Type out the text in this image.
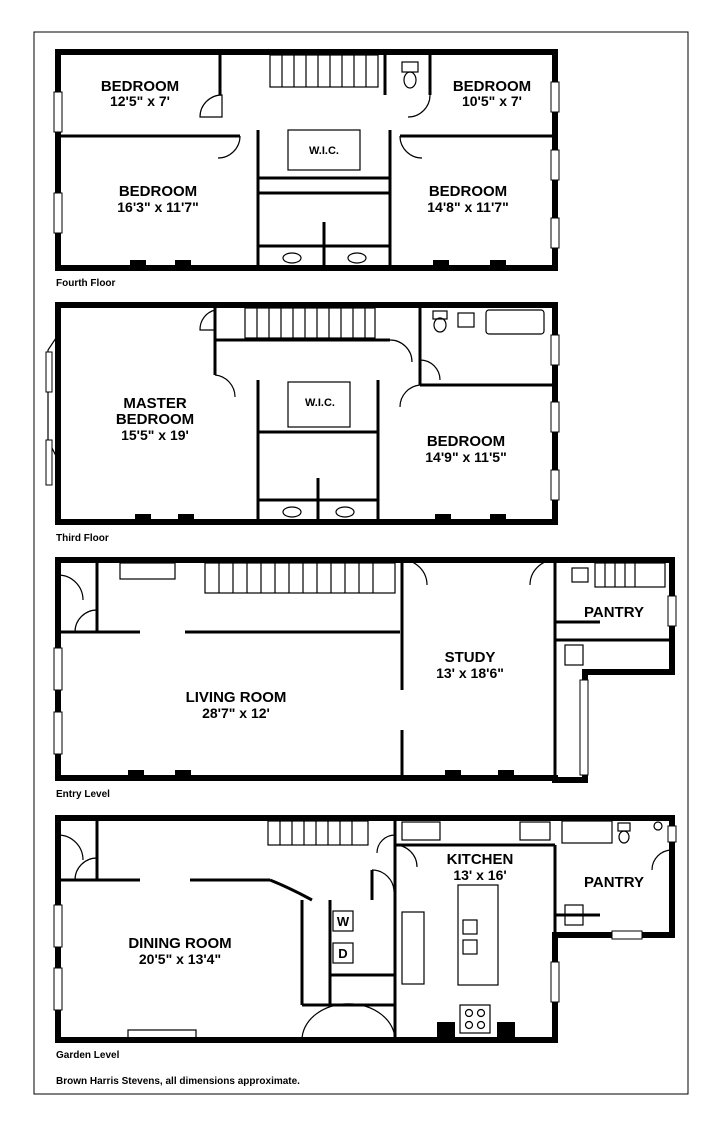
W.I.C.
BEDROOM
12'5" x 7'
BEDROOM
10'5" x 7'
BEDROOM
16'3" x 11'7"
BEDROOM
14'8" x 11'7"
Fourth Floor
W.I.C.
MASTER
BEDROOM
15'5" x 19'	BEDROOM
14'9" x 11'5"
Third Floor
PANTRY
STUDY
13' x 18'6"
LIVING ROOM
28'7" x 12'
Entry Level
W
D
KITCHEN
13' x 16'	PANTRY
DINING ROOM
20'5" x 13'4"
Garden Level
Brown Harris Stevens, all dimensions approximate.
